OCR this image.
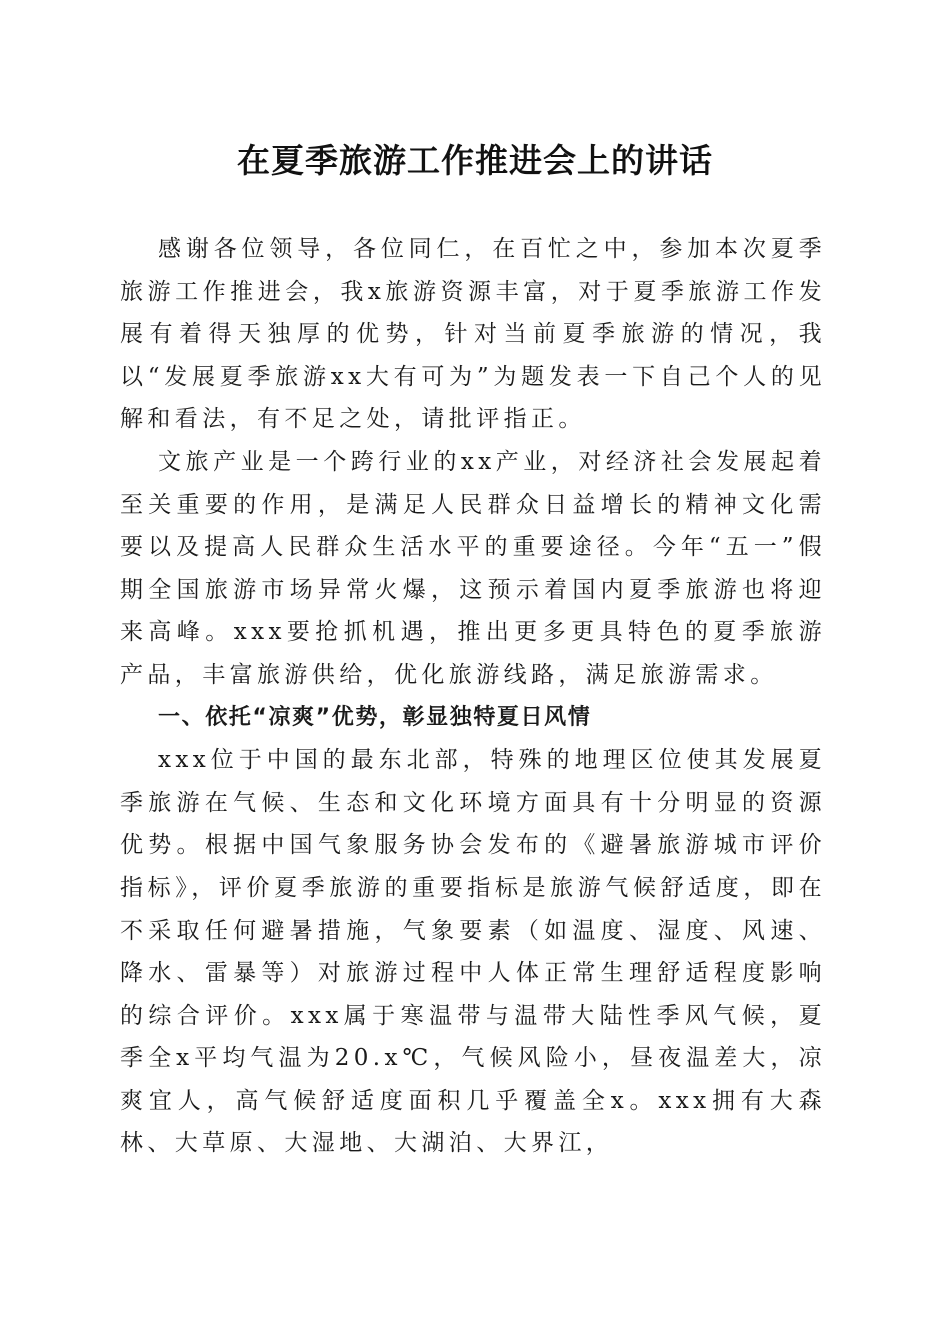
在夏季旅游工作推进会上的讲话

感谢各位领导，各位同仁，在百忙之中，参加本次夏季旅游工作推进会，我x旅游资源丰富，对于夏季旅游工作发展有着得天独厚的优势，针对当前夏季旅游的情况，我以“发展夏季旅游xx大有可为”为题发表一下自己个人的见解和看法，有不足之处，请批评指正。

文旅产业是一个跨行业的xx产业，对经济社会发展起着至关重要的作用，是满足人民群众日益增长的精神文化需要以及提高人民群众生活水平的重要途径。今年“五一”假期全国旅游市场异常火爆，这预示着国内夏季旅游也将迎来高峰。xxx要抢抓机遇，推出更多更具特色的夏季旅游产品，丰富旅游供给，优化旅游线路，满足旅游需求。

一、依托“凉爽”优势，彰显独特夏日风情

xxx位于中国的最东北部，特殊的地理区位使其发展夏季旅游在气候、生态和文化环境方面具有十分明显的资源优势。根据中国气象服务协会发布的《避暑旅游城市评价指标》，评价夏季旅游的重要指标是旅游气候舒适度，即在不采取任何避暑措施，气象要素（如温度、湿度、风速、降水、雷暴等）对旅游过程中人体正常生理舒适程度影响的综合评价。xxx属于寒温带与温带大陆性季风气候，夏季全x平均气温为20.x℃，气候风险小，昼夜温差大，凉爽宜人，高气候舒适度面积几乎覆盖全x。xxx拥有大森林、大草原、大湿地、大湖泊、大界江，
